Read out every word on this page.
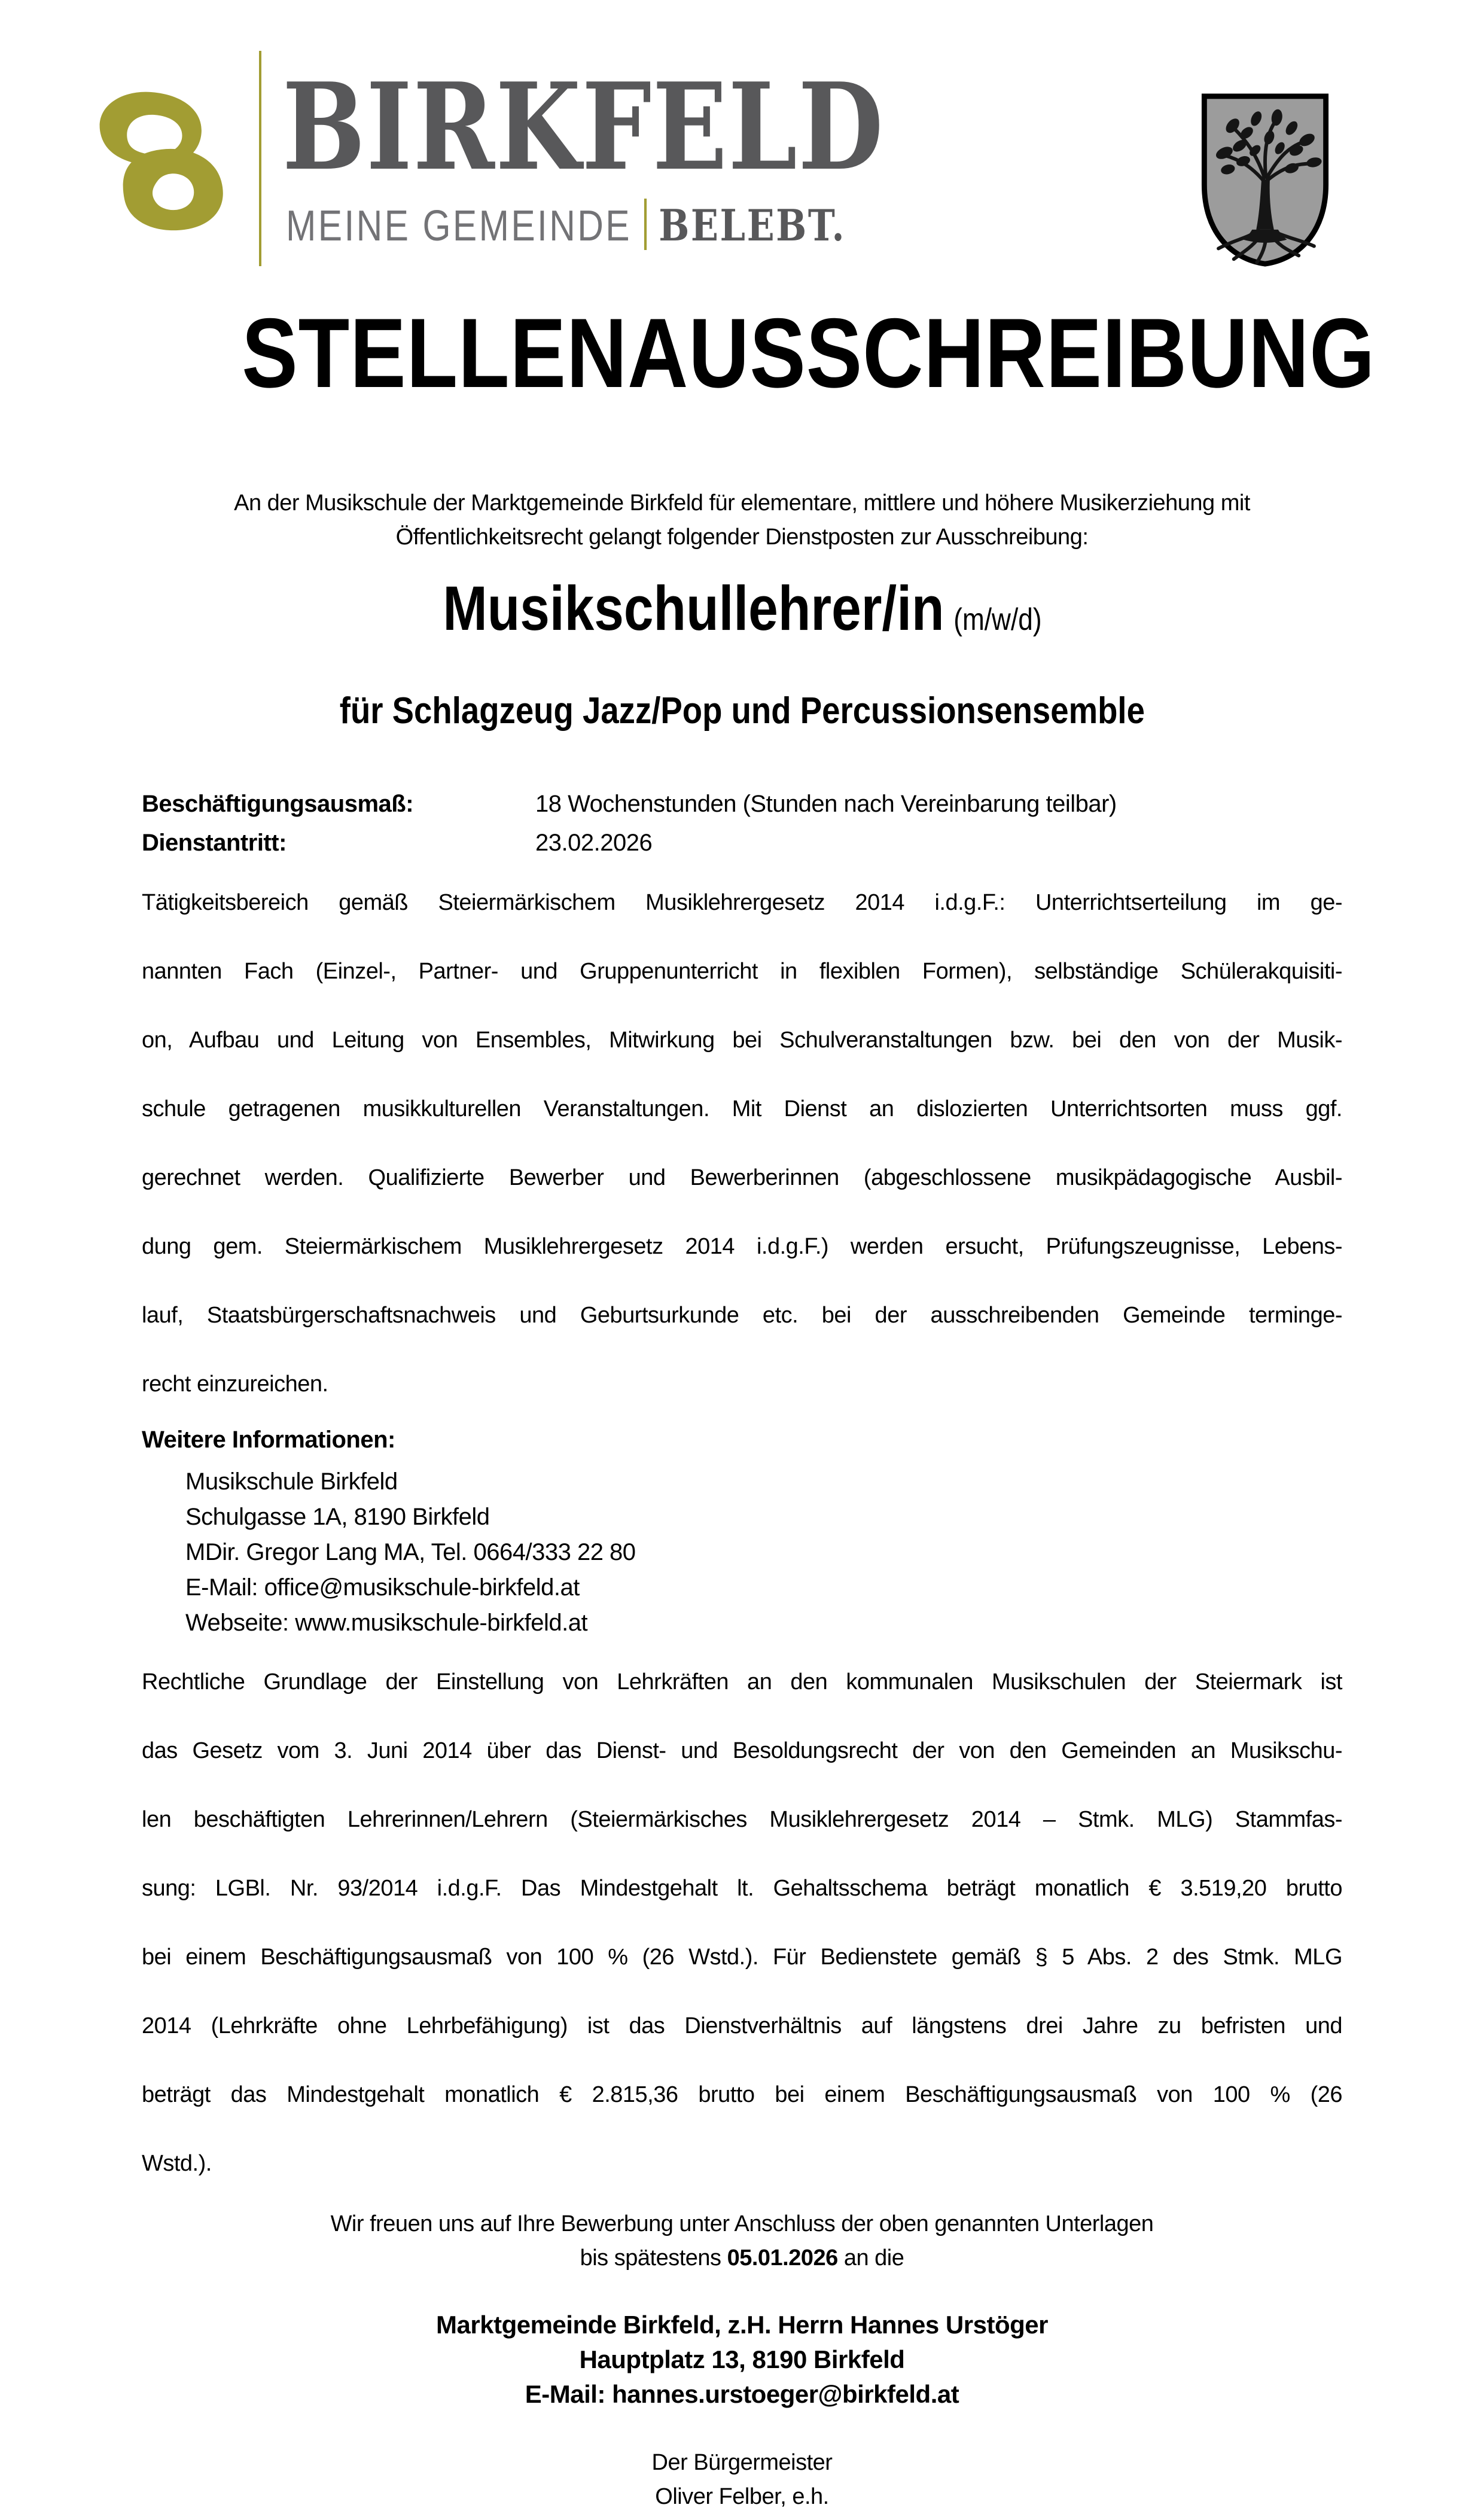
BIRKFELD
MEINE GEMEINDE BELEBT.
STELLENAUSSCHREIBUNG
An der Musikschule der Marktgemeinde Birkfeld für elementare, mittlere und höhere Musikerziehung mit
Öffentlichkeitsrecht gelangt folgender Dienstposten zur Ausschreibung:
Musikschullehrer/in (m/w/d)
für Schlagzeug Jazz/Pop und Percussionsensemble
Beschäftigungsausmaß:	18 Wochenstunden (Stunden nach Vereinbarung teilbar)
Dienstantritt:	23.02.2026
Tätigkeitsbereich gemäß Steiermärkischem Musiklehrergesetz 2014 i.d.g.F.: Unterrichtserteilung im ge-
nannten Fach (Einzel-, Partner- und Gruppenunterricht in flexiblen Formen), selbständige Schülerakquisiti-
on, Aufbau und Leitung von Ensembles, Mitwirkung bei Schulveranstaltungen bzw. bei den von der Musik-
schule getragenen musikkulturellen Veranstaltungen. Mit Dienst an dislozierten Unterrichtsorten muss ggf.
gerechnet werden. Qualifizierte Bewerber und Bewerberinnen (abgeschlossene musikpädagogische Ausbil-
dung gem. Steiermärkischem Musiklehrergesetz 2014 i.d.g.F.) werden ersucht, Prüfungszeugnisse, Lebens-
lauf, Staatsbürgerschaftsnachweis und Geburtsurkunde etc. bei der ausschreibenden Gemeinde terminge-
recht einzureichen.
Weitere Informationen:
Musikschule Birkfeld
Schulgasse 1A, 8190 Birkfeld
MDir. Gregor Lang MA, Tel. 0664/333 22 80
E-Mail: office@musikschule-birkfeld.at
Webseite: www.musikschule-birkfeld.at
Rechtliche Grundlage der Einstellung von Lehrkräften an den kommunalen Musikschulen der Steiermark ist
das Gesetz vom 3. Juni 2014 über das Dienst- und Besoldungsrecht der von den Gemeinden an Musikschu-
len beschäftigten Lehrerinnen/Lehrern (Steiermärkisches Musiklehrergesetz 2014 – Stmk. MLG) Stammfas-
sung: LGBl. Nr. 93/2014 i.d.g.F. Das Mindestgehalt lt. Gehaltsschema beträgt monatlich € 3.519,20 brutto
bei einem Beschäftigungsausmaß von 100 % (26 Wstd.). Für Bedienstete gemäß § 5 Abs. 2 des Stmk. MLG
2014 (Lehrkräfte ohne Lehrbefähigung) ist das Dienstverhältnis auf längstens drei Jahre zu befristen und
beträgt das Mindestgehalt monatlich € 2.815,36 brutto bei einem Beschäftigungsausmaß von 100 % (26
Wstd.).
Wir freuen uns auf Ihre Bewerbung unter Anschluss der oben genannten Unterlagen
bis spätestens 05.01.2026 an die
Marktgemeinde Birkfeld, z.H. Herrn Hannes Urstöger
Hauptplatz 13, 8190 Birkfeld
E-Mail: hannes.urstoeger@birkfeld.at
Der Bürgermeister
Oliver Felber, e.h.
